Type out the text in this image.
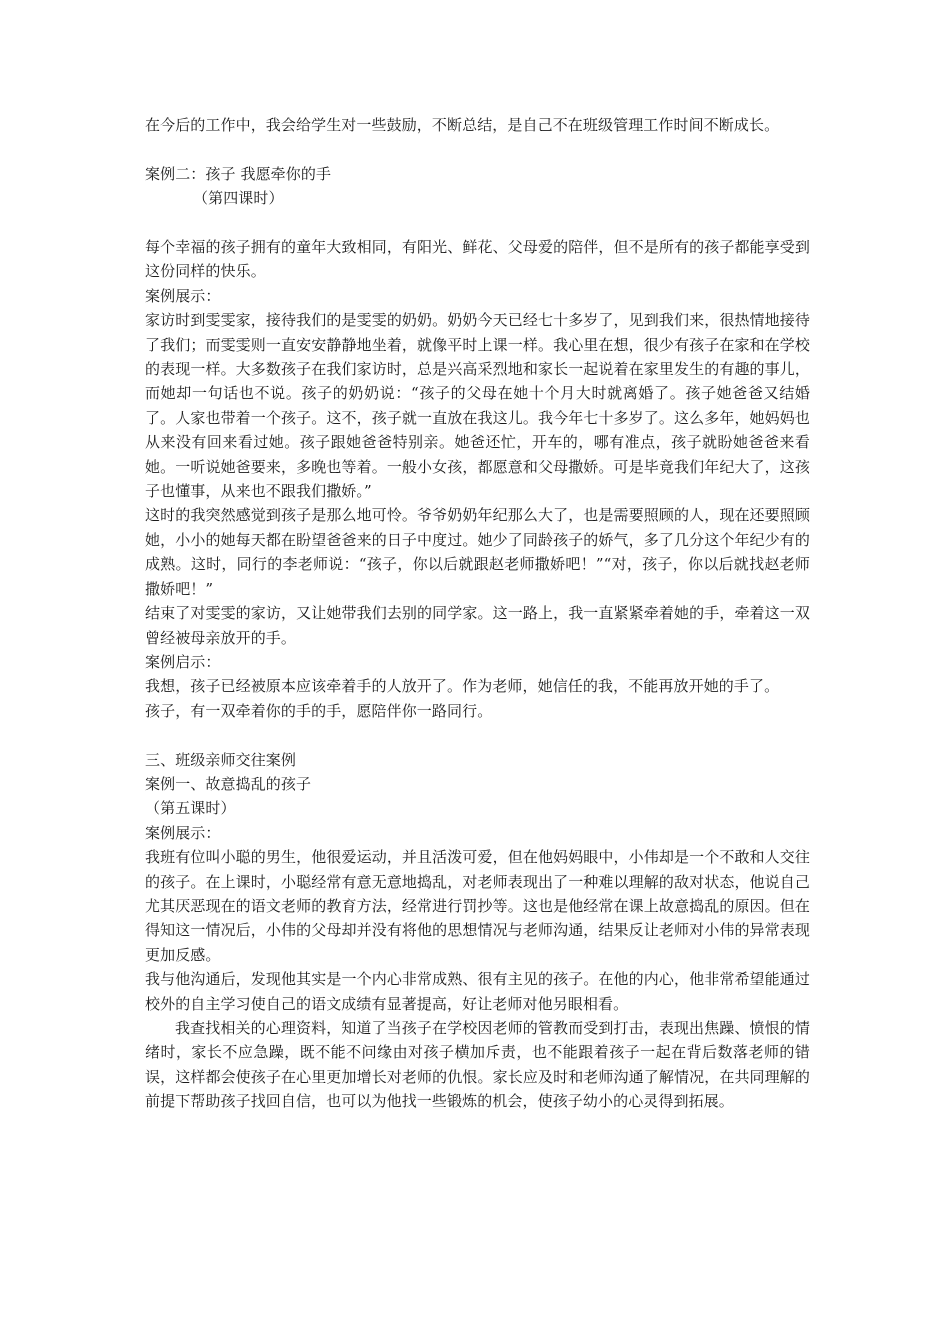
在今后的工作中，我会给学生对一些鼓励，不断总结，是自己不在班级管理工作时间不断成长。

案例二：孩子 我愿牵你的手

（第四课时）

每个幸福的孩子拥有的童年大致相同，有阳光、鲜花、父母爱的陪伴，但不是所有的孩子都能享受到这份同样的快乐。

案例展示：

家访时到雯雯家，接待我们的是雯雯的奶奶。奶奶今天已经七十多岁了，见到我们来，很热情地接待了我们；而雯雯则一直安安静静地坐着，就像平时上课一样。我心里在想，很少有孩子在家和在学校的表现一样。大多数孩子在我们家访时，总是兴高采烈地和家长一起说着在家里发生的有趣的事儿，而她却一句话也不说。孩子的奶奶说：“孩子的父母在她十个月大时就离婚了。孩子她爸爸又结婚了。人家也带着一个孩子。这不，孩子就一直放在我这儿。我今年七十多岁了。这么多年，她妈妈也从来没有回来看过她。孩子跟她爸爸特别亲。她爸还忙，开车的，哪有准点，孩子就盼她爸爸来看她。一听说她爸要来，多晚也等着。一般小女孩，都愿意和父母撒娇。可是毕竟我们年纪大了，这孩子也懂事，从来也不跟我们撒娇。”

这时的我突然感觉到孩子是那么地可怜。爷爷奶奶年纪那么大了，也是需要照顾的人，现在还要照顾她，小小的她每天都在盼望爸爸来的日子中度过。她少了同龄孩子的娇气，多了几分这个年纪少有的成熟。这时，同行的李老师说：“孩子，你以后就跟赵老师撒娇吧！”“对，孩子，你以后就找赵老师撒娇吧！”

结束了对雯雯的家访，又让她带我们去别的同学家。这一路上，我一直紧紧牵着她的手，牵着这一双曾经被母亲放开的手。

案例启示：

我想，孩子已经被原本应该牵着手的人放开了。作为老师，她信任的我，不能再放开她的手了。

孩子，有一双牵着你的手的手，愿陪伴你一路同行。

三、班级亲师交往案例

案例一、故意捣乱的孩子

（第五课时）

案例展示：

我班有位叫小聪的男生，他很爱运动，并且活泼可爱，但在他妈妈眼中，小伟却是一个不敢和人交往的孩子。在上课时，小聪经常有意无意地捣乱，对老师表现出了一种难以理解的敌对状态，他说自己尤其厌恶现在的语文老师的教育方法，经常进行罚抄等。这也是他经常在课上故意捣乱的原因。但在得知这一情况后，小伟的父母却并没有将他的思想情况与老师沟通，结果反让老师对小伟的异常表现更加反感。

我与他沟通后，发现他其实是一个内心非常成熟、很有主见的孩子。在他的内心，他非常希望能通过校外的自主学习使自己的语文成绩有显著提高，好让老师对他另眼相看。

我查找相关的心理资料，知道了当孩子在学校因老师的管教而受到打击，表现出焦躁、愤恨的情绪时，家长不应急躁，既不能不问缘由对孩子横加斥责，也不能跟着孩子一起在背后数落老师的错误，这样都会使孩子在心里更加增长对老师的仇恨。家长应及时和老师沟通了解情况，在共同理解的前提下帮助孩子找回自信，也可以为他找一些锻炼的机会，使孩子幼小的心灵得到拓展。
